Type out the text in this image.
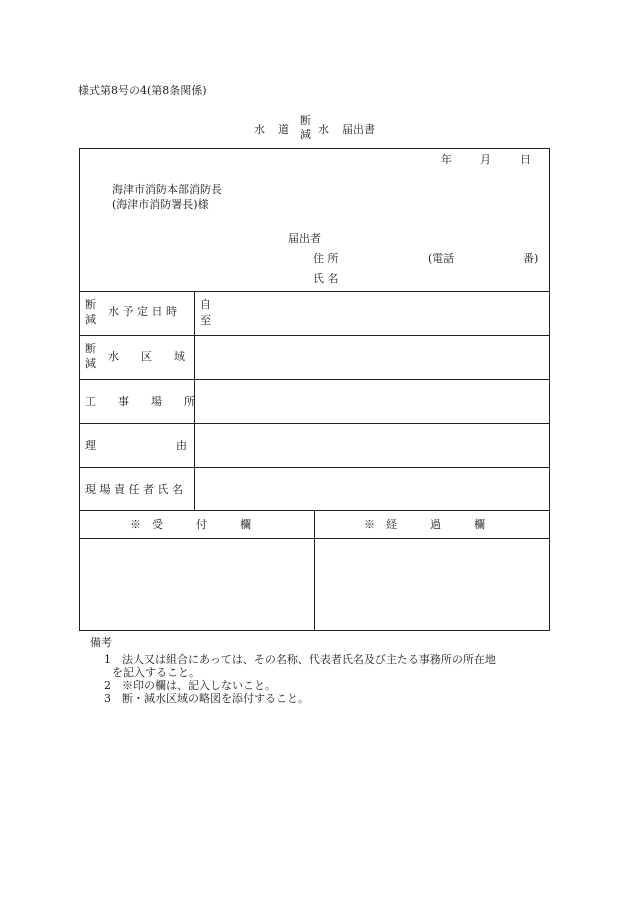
様式第8号の4(第8条関係)
水 道
断
減 水 届出書
年	月	日
海津市消防本部消防長
(海津市消防署長)様
届出者
住 所	(電話	番)
氏 名
断
減
水 予 定 日 時
自
至
断
減
水　　区　　域
工　　事　　場　　所
理	由
現 場 責 任 者 氏 名
※　受　　　付　　　欄	※　経　　　過　　　欄
備考
1　法人又は組合にあっては、その名称、代表者氏名及び主たる事務所の所在地
を記入すること。
2　※印の欄は、記入しないこと。
3　断・減水区域の略図を添付すること。
